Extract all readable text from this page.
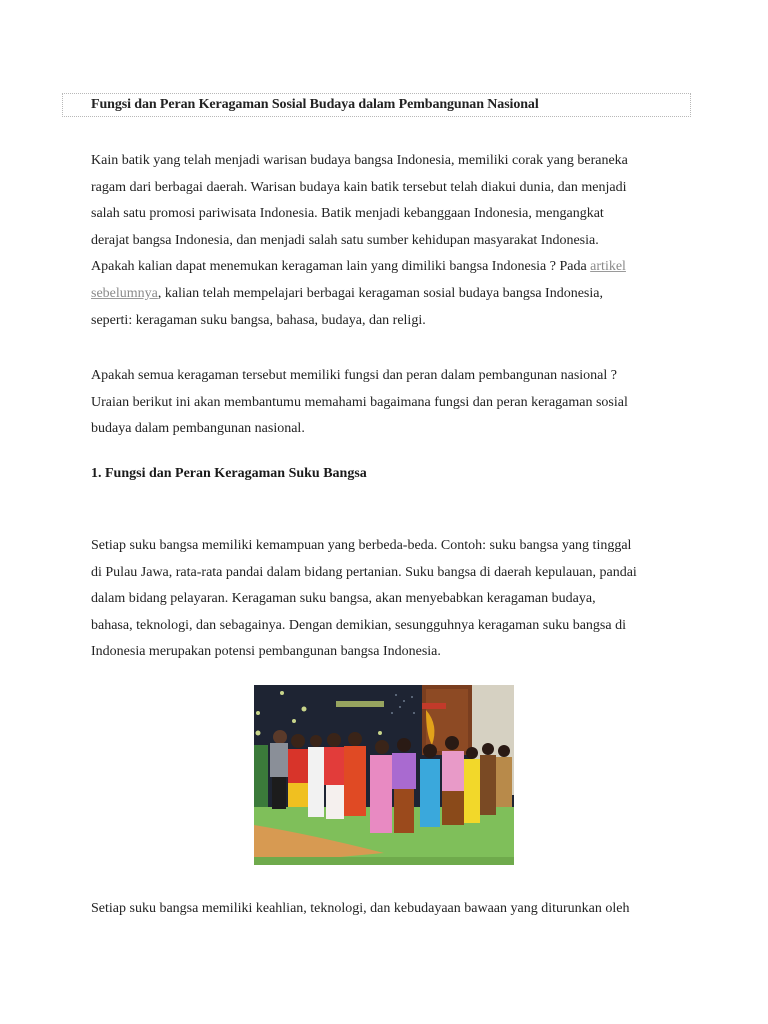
Fungsi dan Peran Keragaman Sosial Budaya dalam Pembangunan Nasional
Kain batik yang telah menjadi warisan budaya bangsa Indonesia, memiliki corak yang beraneka
ragam dari berbagai daerah. Warisan budaya kain batik tersebut telah diakui dunia, dan menjadi
salah satu promosi pariwisata Indonesia. Batik menjadi kebanggaan Indonesia, mengangkat
derajat bangsa Indonesia, dan menjadi salah satu sumber kehidupan masyarakat Indonesia.
Apakah kalian dapat menemukan keragaman lain yang dimiliki bangsa Indonesia ? Pada artikel
sebelumnya, kalian telah mempelajari berbagai keragaman sosial budaya bangsa Indonesia,
seperti: keragaman suku bangsa, bahasa, budaya, dan religi.
Apakah semua keragaman tersebut memiliki fungsi dan peran dalam pembangunan nasional ?
Uraian berikut ini akan membantumu memahami bagaimana fungsi dan peran keragaman sosial
budaya dalam pembangunan nasional.
1. Fungsi dan Peran Keragaman Suku Bangsa
Setiap suku bangsa memiliki kemampuan yang berbeda-beda. Contoh: suku bangsa yang tinggal
di Pulau Jawa, rata-rata pandai dalam bidang pertanian. Suku bangsa di daerah kepulauan, pandai
dalam bidang pelayaran. Keragaman suku bangsa, akan menyebabkan keragaman budaya,
bahasa, teknologi, dan sebagainya. Dengan demikian, sesungguhnya keragaman suku bangsa di
Indonesia merupakan potensi pembangunan bangsa Indonesia.
Setiap suku bangsa memiliki keahlian, teknologi, dan kebudayaan bawaan yang diturunkan oleh
